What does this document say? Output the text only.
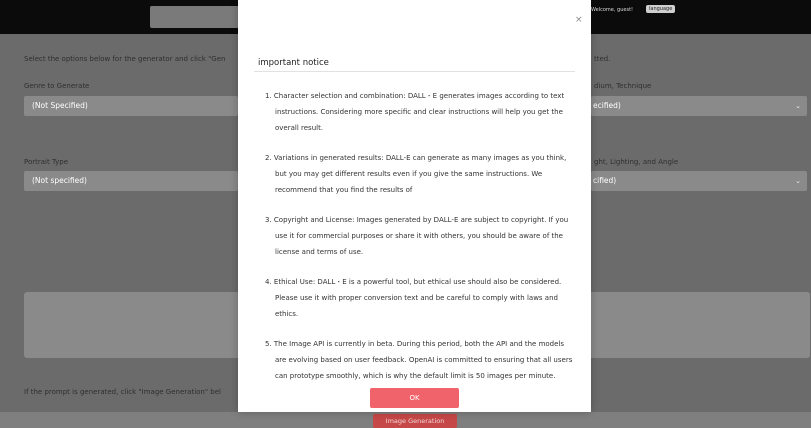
Welcome, guest!	language
Select the options below for the generator and click "Gen	tted.
Genre to Generate
(Not Specified)
dium, Technique
ecified)	⌄
Portrait Type
(Not specified)
ght, Lighting, and Angle
cified)	⌄
If the prompt is generated, click "Image Generation" bel
Image Generation
×
important notice
1. Character selection and combination: DALL・E generates images according to text instructions. Considering more specific and clear instructions will help you get the overall result.
2. Variations in generated results: DALL-E can generate as many images as you think, but you may get different results even if you give the same instructions. We recommend that you find the results of
3. Copyright and License: Images generated by DALL-E are subject to copyright. If you use it for commercial purposes or share it with others, you should be aware of the license and terms of use.
4. Ethical Use: DALL・E is a powerful tool, but ethical use should also be considered. Please use it with proper conversion text and be careful to comply with laws and ethics.
5. The Image API is currently in beta. During this period, both the API and the models are evolving based on user feedback. OpenAI is committed to ensuring that all users can prototype smoothly, which is why the default limit is 50 images per minute.
OK
